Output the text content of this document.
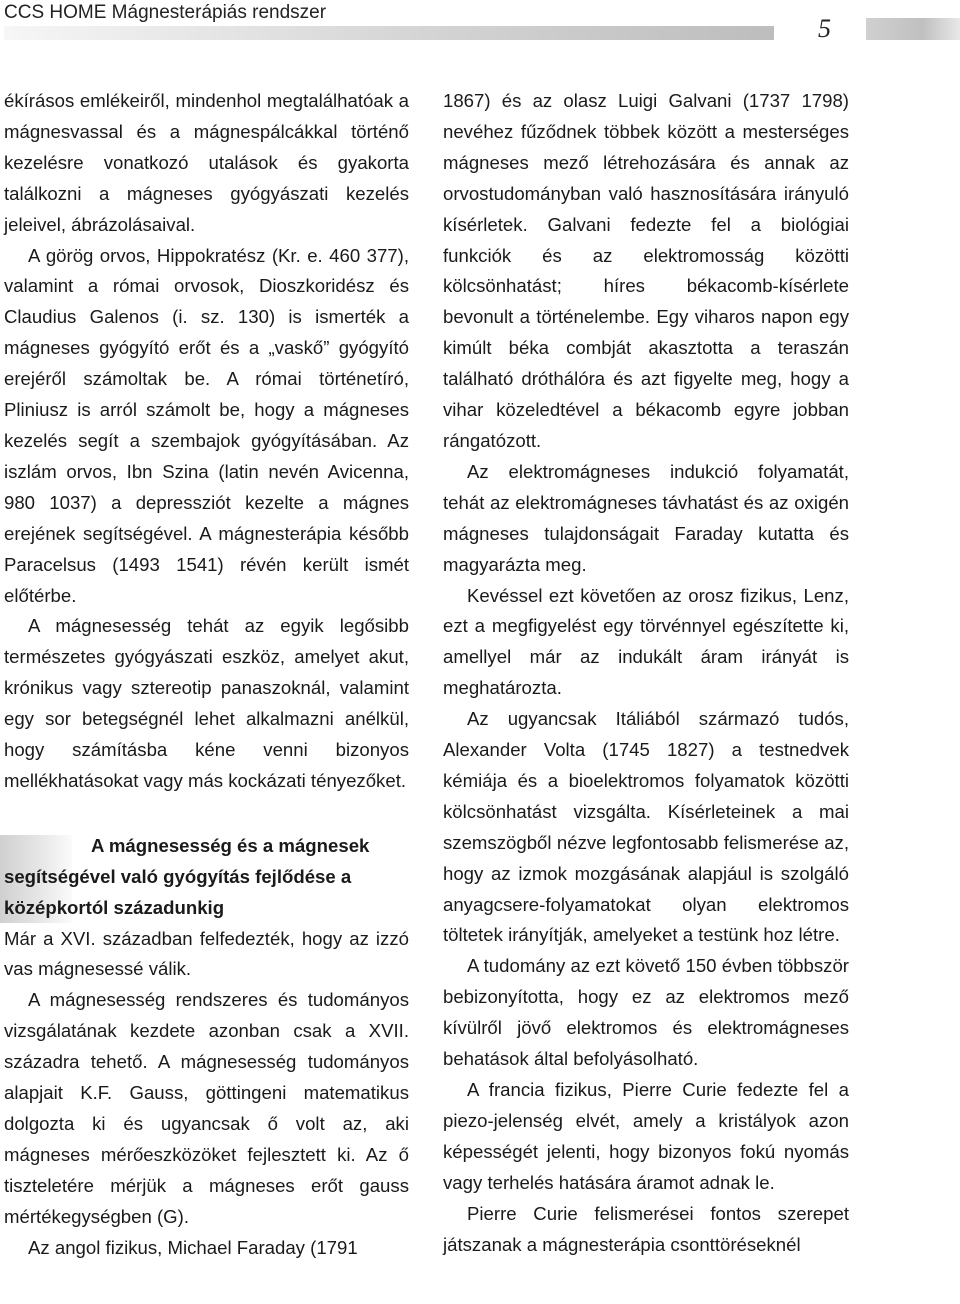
CCS HOME Mágnesterápiás rendszer
5

ékírásos emlékeiről, mindenhol megtalálhatóak a mágnesvassal és a mágnespálcákkal történő kezelésre vonatkozó utalások és gyakorta találkozni a mágneses gyógyászati kezelés jeleivel, ábrázolásaival.

A görög orvos, Hippokratész (Kr. e. 460 377), valamint a római orvosok, Dioszkoridész és Claudius Galenos (i. sz. 130) is ismerték a mágneses gyógyító erőt és a „vaskő” gyógyító erejéről számoltak be. A római történetíró, Pliniusz is arról számolt be, hogy a mágneses kezelés segít a szembajok gyógyításában. Az iszlám orvos, Ibn Szina (latin nevén Avicenna, 980 1037) a depressziót kezelte a mágnes erejének segítségével. A mágnesterápia később Paracelsus (1493 1541) révén került ismét előtérbe.

A mágnesesség tehát az egyik legősibb természetes gyógyászati eszköz, amelyet akut, krónikus vagy sztereotip panaszoknál, valamint egy sor betegségnél lehet alkalmazni anélkül, hogy számításba kéne venni bizonyos mellékhatásokat vagy más kockázati tényezőket.

A mágnesesség és a mágnesek segítségével való gyógyítás fejlődése a középkortól századunkig

Már a XVI. században felfedezték, hogy az izzó vas mágnesessé válik.

A mágnesesség rendszeres és tudományos vizsgálatának kezdete azonban csak a XVII. századra tehető. A mágnesesség tudományos alapjait K.F. Gauss, göttingeni matematikus dolgozta ki és ugyancsak ő volt az, aki mágneses mérőeszközöket fejlesztett ki. Az ő tiszteletére mérjük a mágneses erőt gauss mértékegységben (G).

Az angol fizikus, Michael Faraday (1791

1867) és az olasz Luigi Galvani (1737 1798) nevéhez fűződnek többek között a mesterséges mágneses mező létrehozására és annak az orvostudományban való hasznosítására irányuló kísérletek. Galvani fedezte fel a biológiai funkciók és az elektromosság közötti kölcsönhatást; híres békacomb-kísérlete bevonult a történelembe. Egy viharos napon egy kimúlt béka combját akasztotta a teraszán található dróthálóra és azt figyelte meg, hogy a vihar közeledtével a békacomb egyre jobban rángatózott.

Az elektromágneses indukció folyamatát, tehát az elektromágneses távhatást és az oxigén mágneses tulajdonságait Faraday kutatta és magyarázta meg.

Kevéssel ezt követően az orosz fizikus, Lenz, ezt a megfigyelést egy törvénnyel egészítette ki, amellyel már az indukált áram irányát is meghatározta.

Az ugyancsak Itáliából származó tudós, Alexander Volta (1745 1827) a testnedvek kémiája és a bioelektromos folyamatok közötti kölcsönhatást vizsgálta. Kísérleteinek a mai szemszögből nézve legfontosabb felismerése az, hogy az izmok mozgásának alapjául is szolgáló anyagcsere-folyamatokat olyan elektromos töltetek irányítják, amelyeket a testünk hoz létre.

A tudomány az ezt követő 150 évben többször bebizonyította, hogy ez az elektromos mező kívülről jövő elektromos és elektromágneses behatások által befolyásolható.

A francia fizikus, Pierre Curie fedezte fel a piezo-jelenség elvét, amely a kristályok azon képességét jelenti, hogy bizonyos fokú nyomás vagy terhelés hatására áramot adnak le.

Pierre Curie felismerései fontos szerepet játszanak a mágnesterápia csonttöréseknél
